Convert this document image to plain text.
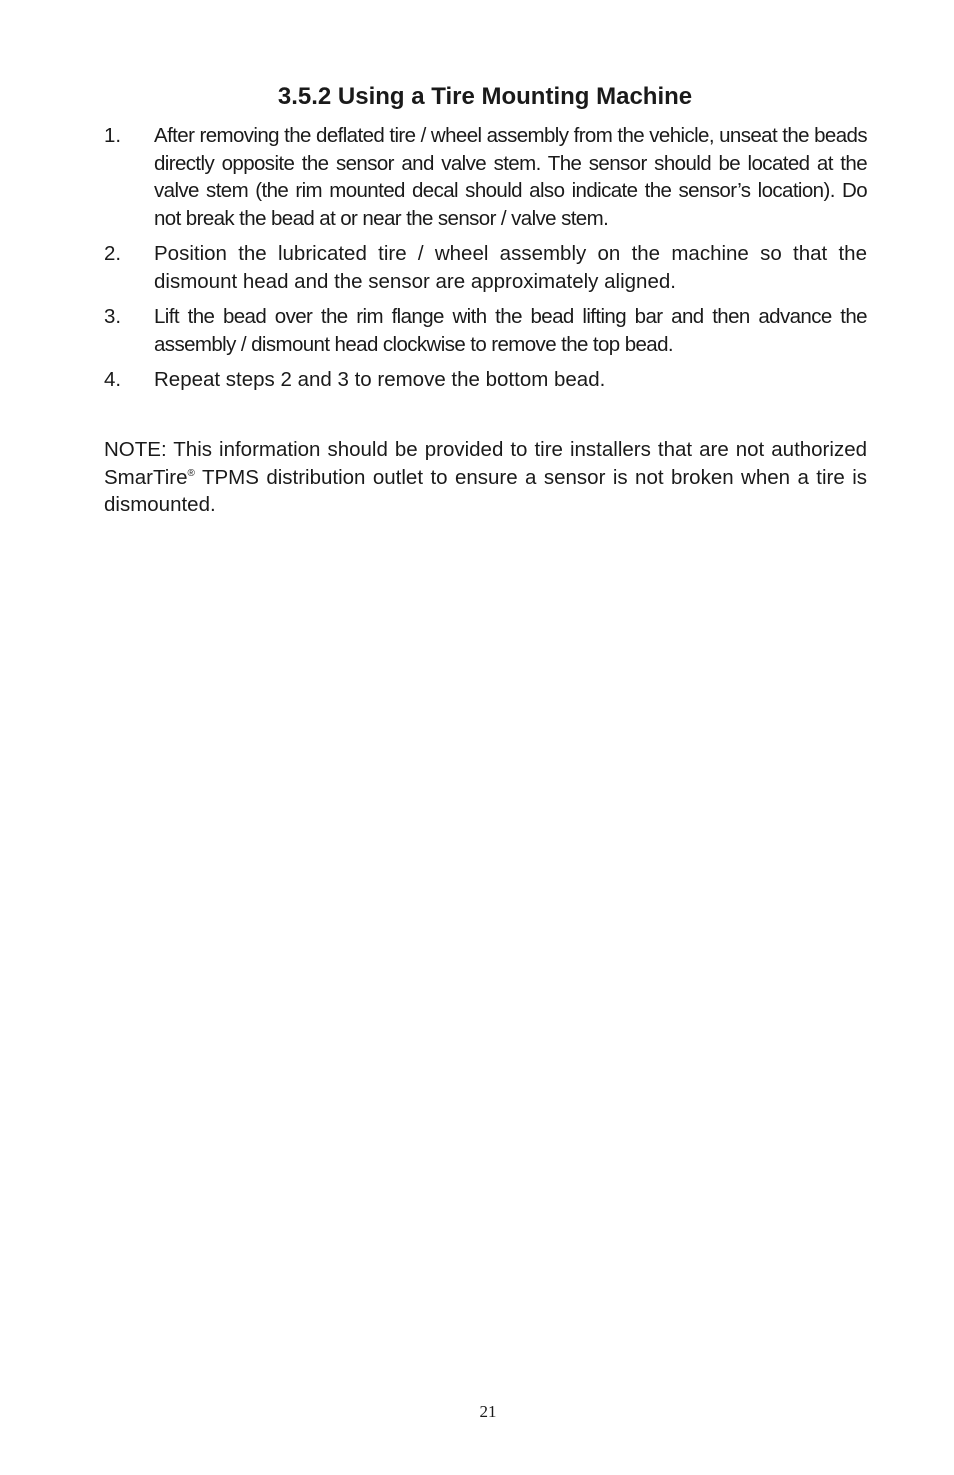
3.5.2 Using a Tire Mounting Machine
1.	After removing the deflated tire / wheel assembly from the vehicle, unseat the beads directly opposite the sensor and valve stem. The sensor should be located at the valve stem (the rim mounted decal should also indicate the sensor’s location). Do not break the bead at or near the sensor / valve stem.
2.	Position the lubricated tire / wheel assembly on the machine so that the dismount head and the sensor are approximately aligned.
3.	Lift the bead over the rim flange with the bead lifting bar and then advance the assembly / dismount head clockwise to remove the top bead.
4.	Repeat steps 2 and 3 to remove the bottom bead.

NOTE: This information should be provided to tire installers that are not authorized SmarTire® TPMS distribution outlet to ensure a sensor is not broken when a tire is dismounted.

21
